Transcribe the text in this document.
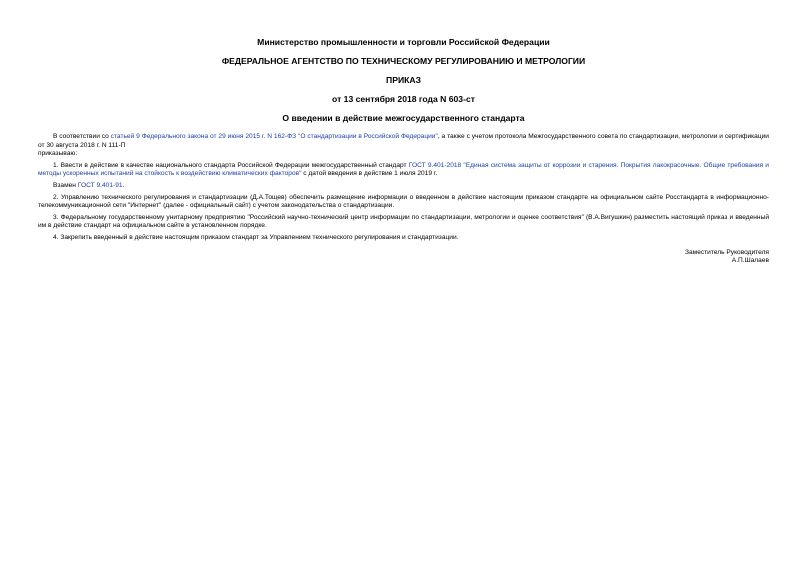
Министерство промышленности и торговли Российской Федерации
ФЕДЕРАЛЬНОЕ АГЕНТСТВО ПО ТЕХНИЧЕСКОМУ РЕГУЛИРОВАНИЮ И МЕТРОЛОГИИ
ПРИКАЗ
от 13 сентября 2018 года N 603-ст
О введении в действие межгосударственного стандарта

В соответствии со статьей 9 Федерального закона от 29 июня 2015 г. N 162-ФЗ "О стандартизации в Российской Федерации", а также с учетом протокола Межгосударственного совета по стандартизации, метрологии и сертификации от 30 августа 2018 г. N 111-П

приказываю:

1. Ввести в действие в качестве национального стандарта Российской Федерации межгосударственный стандарт ГОСТ 9.401-2018 "Единая система защиты от коррозии и старения. Покрытия лакокрасочные. Общие требования и методы ускоренных испытаний на стойкость к воздействию климатических факторов" с датой введения в действие 1 июля 2019 г.

Взамен ГОСТ 9.401-91.

2. Управлению технического регулирования и стандартизации (Д.А.Тощев) обеспечить размещение информации о введенном в действие настоящим приказом стандарте на официальном сайте Росстандарта в информационно-телекоммуникационной сети "Интернет" (далее - официальный сайт) с учетом законодательства о стандартизации.

3. Федеральному государственному унитарному предприятию "Российский научно-технический центр информации по стандартизации, метрологии и оценке соответствия" (В.А.Вигушкин) разместить настоящий приказ и введенный им в действие стандарт на официальном сайте в установленном порядке.

4. Закрепить введенный в действие настоящим приказом стандарт за Управлением технического регулирования и стандартизации.

Заместитель Руководителя
А.П.Шалаев
